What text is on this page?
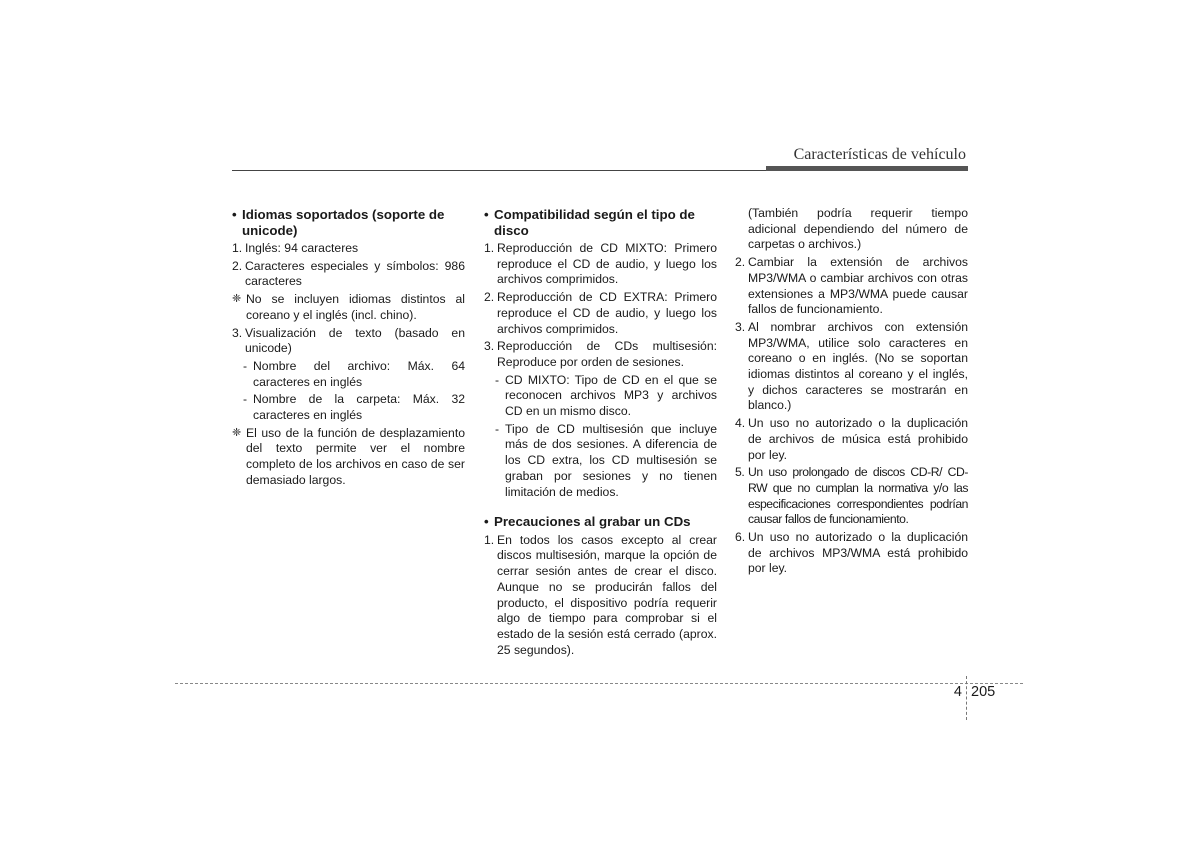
Características de vehículo
• Idiomas soportados (soporte de unicode)
1. Inglés: 94 caracteres
2. Caracteres especiales y símbolos: 986 caracteres
❈ No se incluyen idiomas distintos al coreano y el inglés (incl. chino).
3. Visualización de texto (basado en unicode)
- Nombre del archivo: Máx. 64 caracteres en inglés
- Nombre de la carpeta: Máx. 32 caracteres en inglés
❈ El uso de la función de desplazamiento del texto permite ver el nombre completo de los archivos en caso de ser demasiado largos.
• Compatibilidad según el tipo de disco
1. Reproducción de CD MIXTO: Primero reproduce el CD de audio, y luego los archivos comprimidos.
2. Reproducción de CD EXTRA: Primero reproduce el CD de audio, y luego los archivos comprimidos.
3. Reproducción de CDs multisesión: Reproduce por orden de sesiones.
- CD MIXTO: Tipo de CD en el que se reconocen archivos MP3 y archivos CD en un mismo disco.
- Tipo de CD multisesión que incluye más de dos sesiones. A diferencia de los CD extra, los CD multisesión se graban por sesiones y no tienen limitación de medios.
• Precauciones al grabar un CDs
1. En todos los casos excepto al crear discos multisesión, marque la opción de cerrar sesión antes de crear el disco. Aunque no se producirán fallos del producto, el dispositivo podría requerir algo de tiempo para comprobar si el estado de la sesión está cerrado (aprox. 25 segundos).
(También podría requerir tiempo adicional dependiendo del número de carpetas o archivos.)
2. Cambiar la extensión de archivos MP3/WMA o cambiar archivos con otras extensiones a MP3/WMA puede causar fallos de funcionamiento.
3. Al nombrar archivos con extensión MP3/WMA, utilice solo caracteres en coreano o en inglés. (No se soportan idiomas distintos al coreano y el inglés, y dichos caracteres se mostrarán en blanco.)
4. Un uso no autorizado o la duplicación de archivos de música está prohibido por ley.
5. Un uso prolongado de discos CD-R/ CD-RW que no cumplan la normativa y/o las especificaciones correspondientes podrían causar fallos de funcionamiento.
6. Un uso no autorizado o la duplicación de archivos MP3/WMA está prohibido por ley.
4 205
